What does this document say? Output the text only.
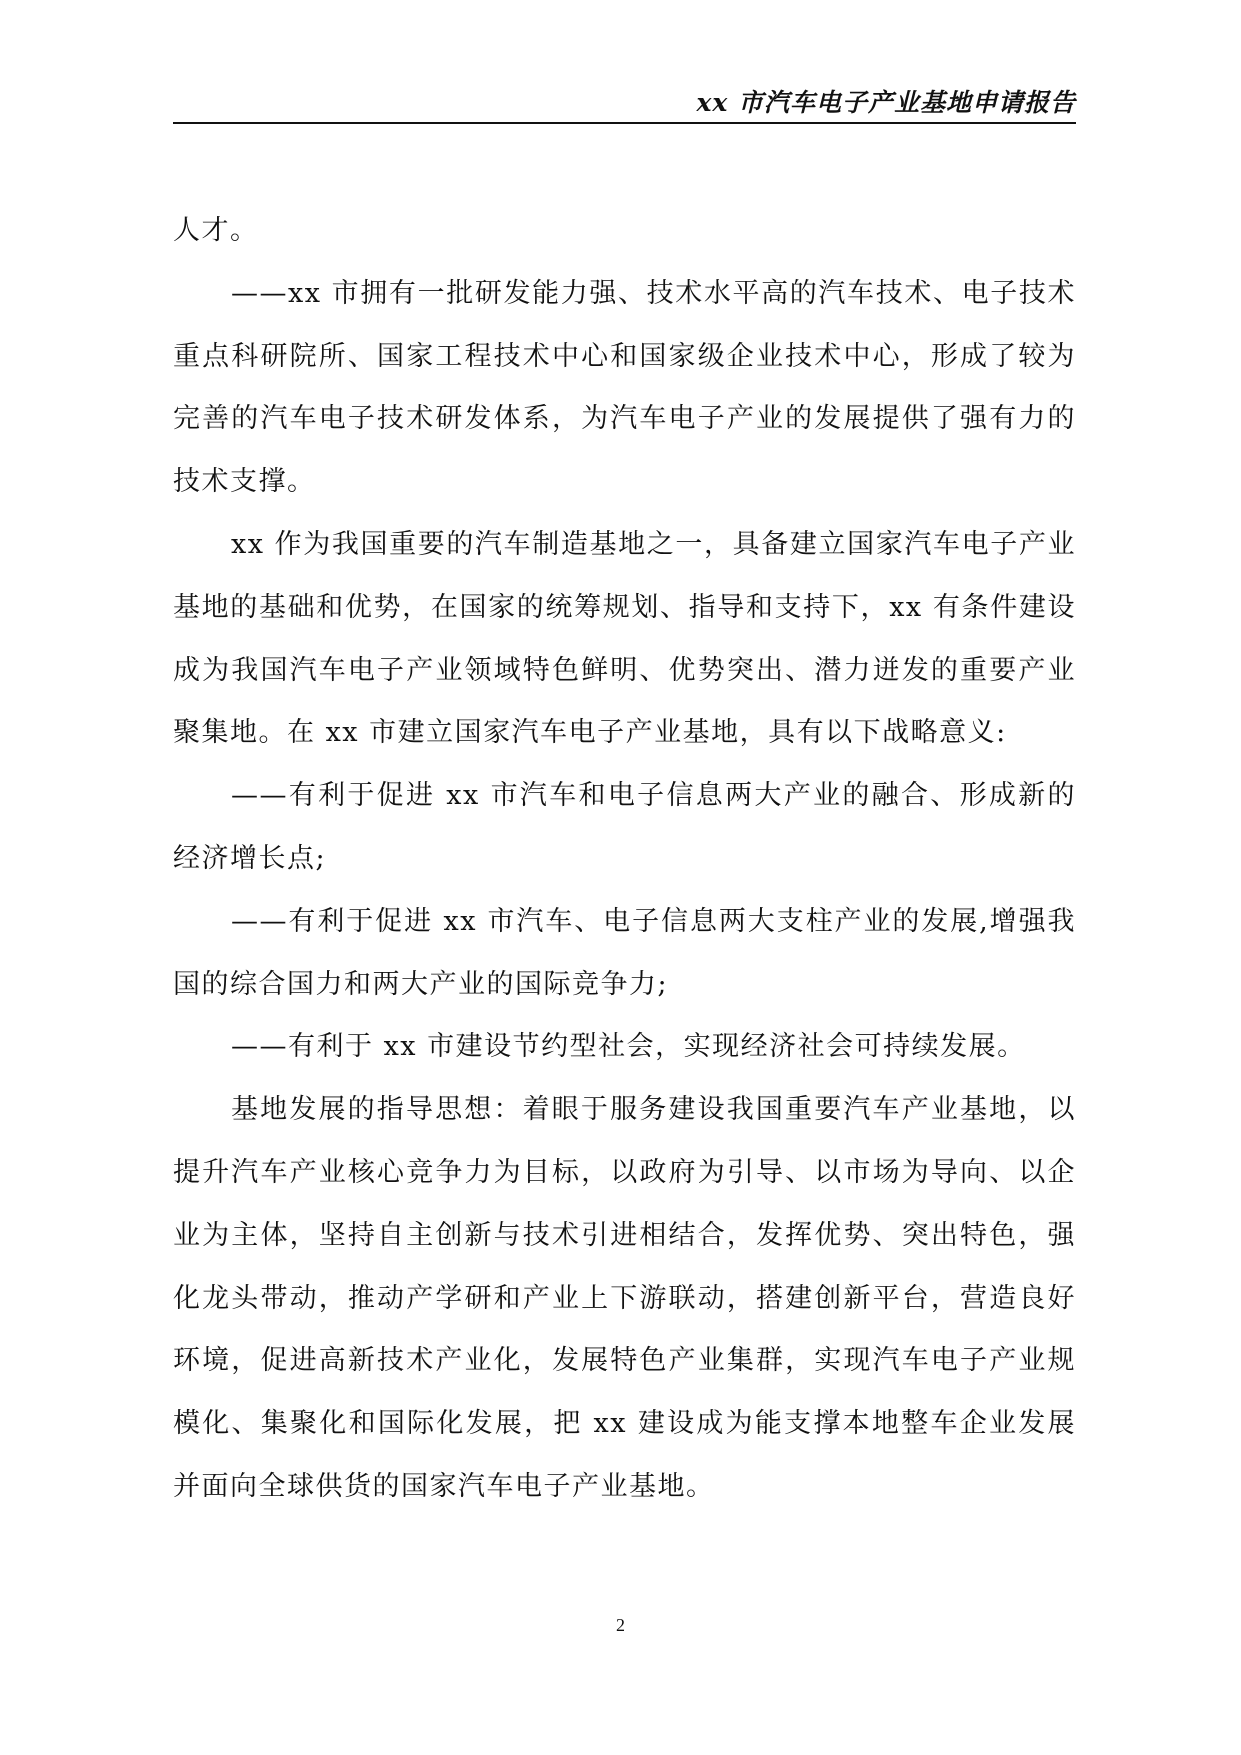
xx 市汽车电子产业基地申请报告

人才。

——xx 市拥有一批研发能力强、技术水平高的汽车技术、电子技术重点科研院所、国家工程技术中心和国家级企业技术中心，形成了较为完善的汽车电子技术研发体系，为汽车电子产业的发展提供了强有力的技术支撑。

xx 作为我国重要的汽车制造基地之一，具备建立国家汽车电子产业基地的基础和优势，在国家的统筹规划、指导和支持下，xx 有条件建设成为我国汽车电子产业领域特色鲜明、优势突出、潜力迸发的重要产业聚集地。在 xx 市建立国家汽车电子产业基地，具有以下战略意义:

——有利于促进 xx 市汽车和电子信息两大产业的融合、形成新的经济增长点;

——有利于促进 xx 市汽车、电子信息两大支柱产业的发展,增强我国的综合国力和两大产业的国际竞争力;

——有利于 xx 市建设节约型社会，实现经济社会可持续发展。

基地发展的指导思想：着眼于服务建设我国重要汽车产业基地，以提升汽车产业核心竞争力为目标，以政府为引导、以市场为导向、以企业为主体，坚持自主创新与技术引进相结合，发挥优势、突出特色，强化龙头带动，推动产学研和产业上下游联动，搭建创新平台，营造良好环境，促进高新技术产业化，发展特色产业集群，实现汽车电子产业规模化、集聚化和国际化发展，把 xx 建设成为能支撑本地整车企业发展并面向全球供货的国家汽车电子产业基地。

2
